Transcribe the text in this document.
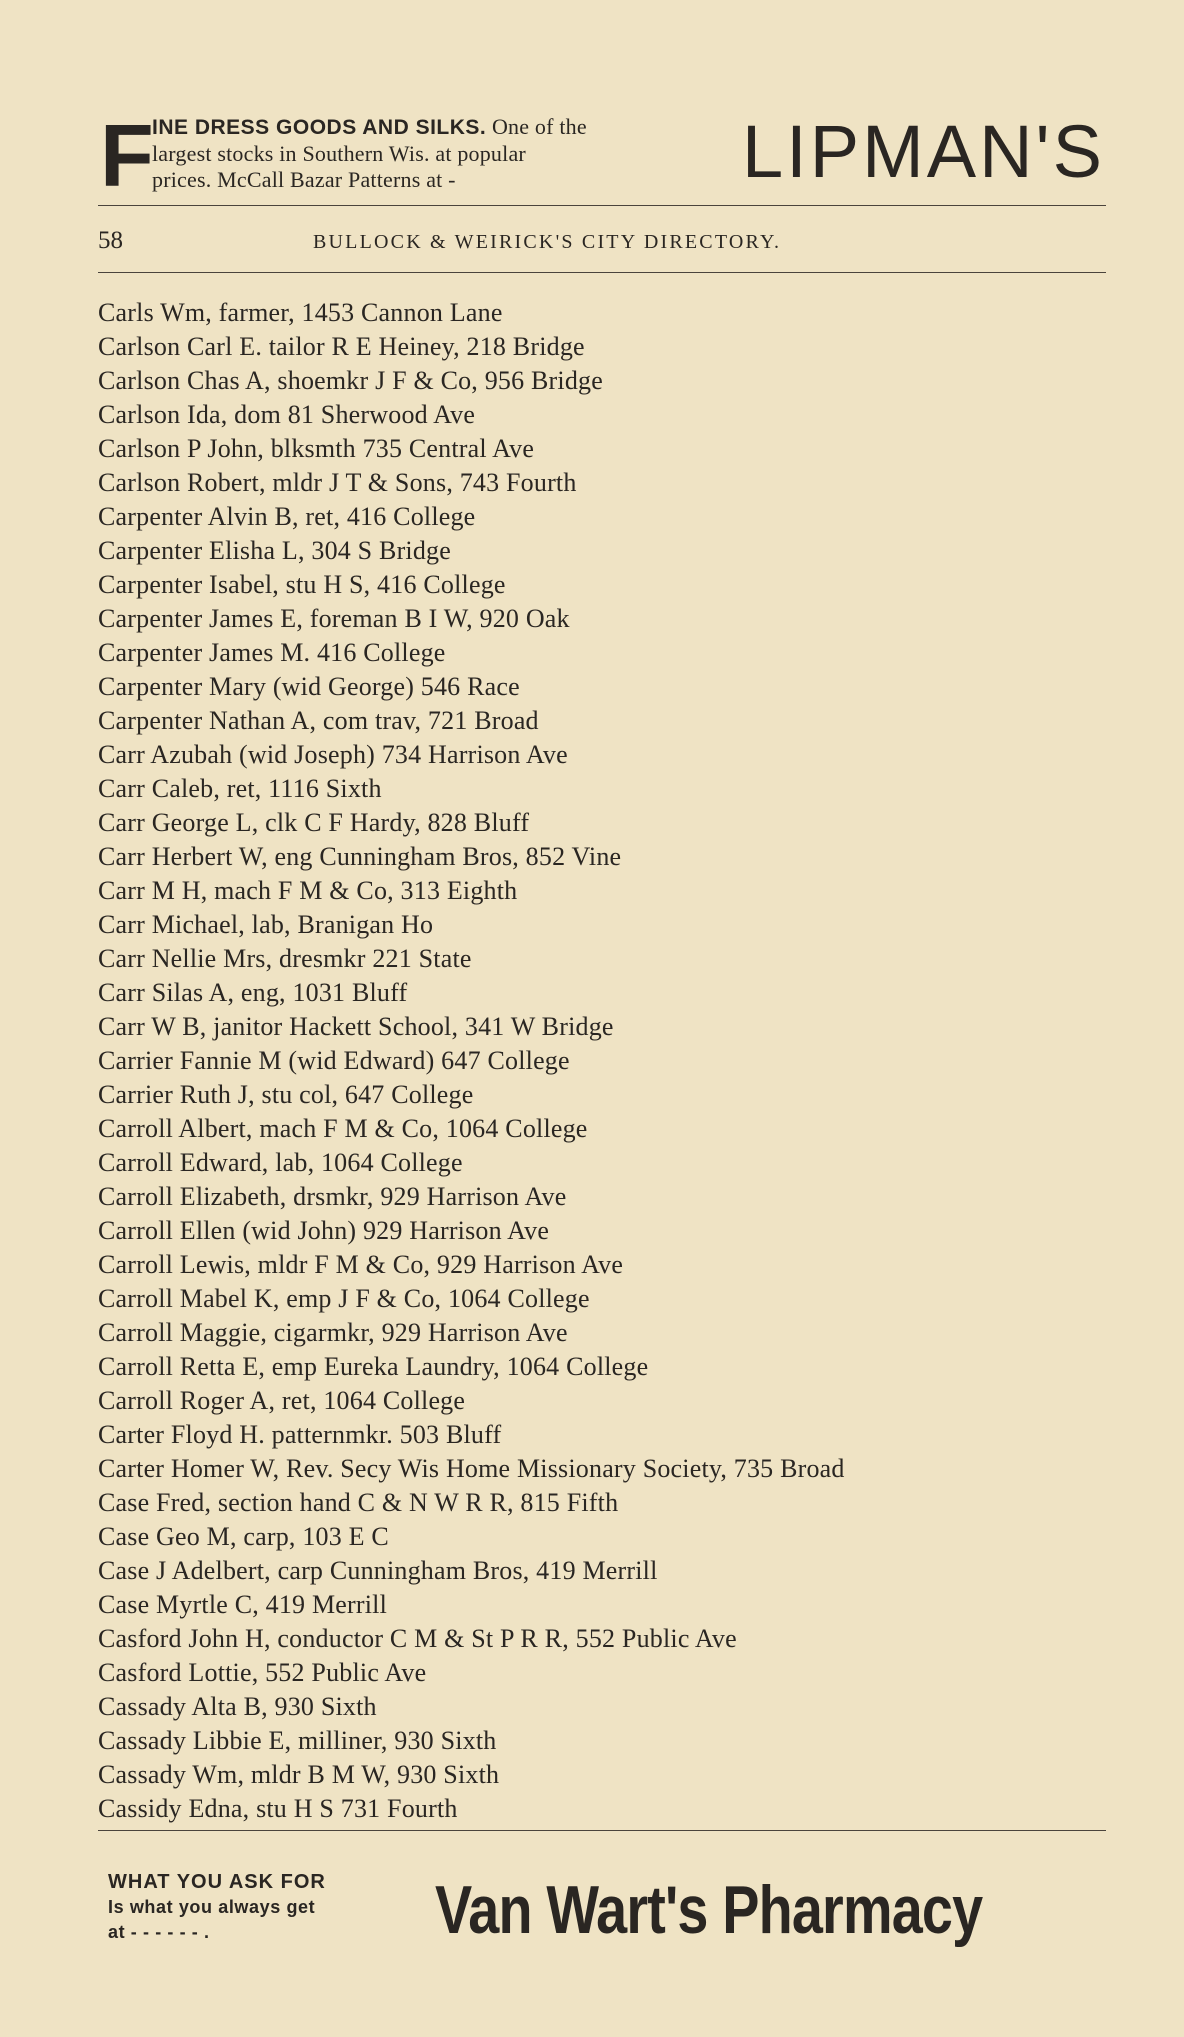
F
INE DRESS GOODS AND SILKS. One of the
largest stocks in Southern Wis. at popular
prices. McCall Bazar Patterns at -	LIPMAN'S
58	BULLOCK & WEIRICK'S CITY DIRECTORY.
Carls Wm, farmer, 1453 Cannon Lane
Carlson Carl E. tailor R E Heiney, 218 Bridge
Carlson Chas A, shoemkr J F & Co, 956 Bridge
Carlson Ida, dom 81 Sherwood Ave
Carlson P John, blksmth 735 Central Ave
Carlson Robert, mldr J T & Sons, 743 Fourth
Carpenter Alvin B, ret, 416 College
Carpenter Elisha L, 304 S Bridge
Carpenter Isabel, stu H S, 416 College
Carpenter James E, foreman B I W, 920 Oak
Carpenter James M. 416 College
Carpenter Mary (wid George) 546 Race
Carpenter Nathan A, com trav, 721 Broad
Carr Azubah (wid Joseph) 734 Harrison Ave
Carr Caleb, ret, 1116 Sixth
Carr George L, clk C F Hardy, 828 Bluff
Carr Herbert W, eng Cunningham Bros, 852 Vine
Carr M H, mach F M & Co, 313 Eighth
Carr Michael, lab, Branigan Ho
Carr Nellie Mrs, dresmkr 221 State
Carr Silas A, eng, 1031 Bluff
Carr W B, janitor Hackett School, 341 W Bridge
Carrier Fannie M (wid Edward) 647 College
Carrier Ruth J, stu col, 647 College
Carroll Albert, mach F M & Co, 1064 College
Carroll Edward, lab, 1064 College
Carroll Elizabeth, drsmkr, 929 Harrison Ave
Carroll Ellen (wid John) 929 Harrison Ave
Carroll Lewis, mldr F M & Co, 929 Harrison Ave
Carroll Mabel K, emp J F & Co, 1064 College
Carroll Maggie, cigarmkr, 929 Harrison Ave
Carroll Retta E, emp Eureka Laundry, 1064 College
Carroll Roger A, ret, 1064 College
Carter Floyd H. patternmkr. 503 Bluff
Carter Homer W, Rev. Secy Wis Home Missionary Society, 735 Broad
Case Fred, section hand C & N W R R, 815 Fifth
Case Geo M, carp, 103 E C
Case J Adelbert, carp Cunningham Bros, 419 Merrill
Case Myrtle C, 419 Merrill
Casford John H, conductor C M & St P R R, 552 Public Ave
Casford Lottie, 552 Public Ave
Cassady Alta B, 930 Sixth
Cassady Libbie E, milliner, 930 Sixth
Cassady Wm, mldr B M W, 930 Sixth
Cassidy Edna, stu H S 731 Fourth
WHAT YOU ASK FOR
Is what you always get
at - - - - - - .	Van Wart's Pharmacy
